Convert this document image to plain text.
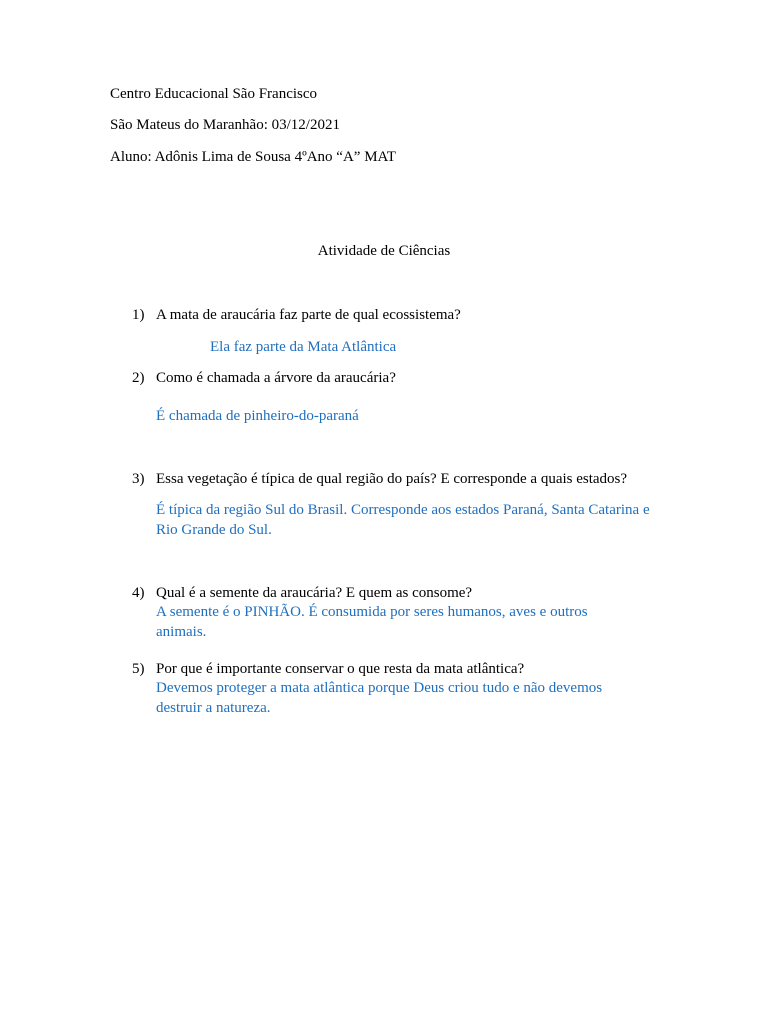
Centro Educacional São Francisco
São Mateus do Maranhão: 03/12/2021
Aluno: Adônis Lima de Sousa 4ºAno “A” MAT
Atividade de Ciências
1) A mata de araucária faz parte de qual ecossistema?
Ela faz parte da Mata Atlântica
2) Como é chamada a árvore da araucária?
É chamada de pinheiro-do-paraná
3) Essa vegetação é típica de qual região do país? E corresponde a quais estados?
É típica da região Sul do Brasil. Corresponde aos estados Paraná, Santa Catarina e Rio Grande do Sul.
4) Qual é a semente da araucária? E quem as consome?
A semente é o PINHÃO. É consumida por seres humanos, aves e outros animais.
5) Por que é importante conservar o que resta da mata atlântica?
Devemos proteger a mata atlântica porque Deus criou tudo e não devemos destruir a natureza.
